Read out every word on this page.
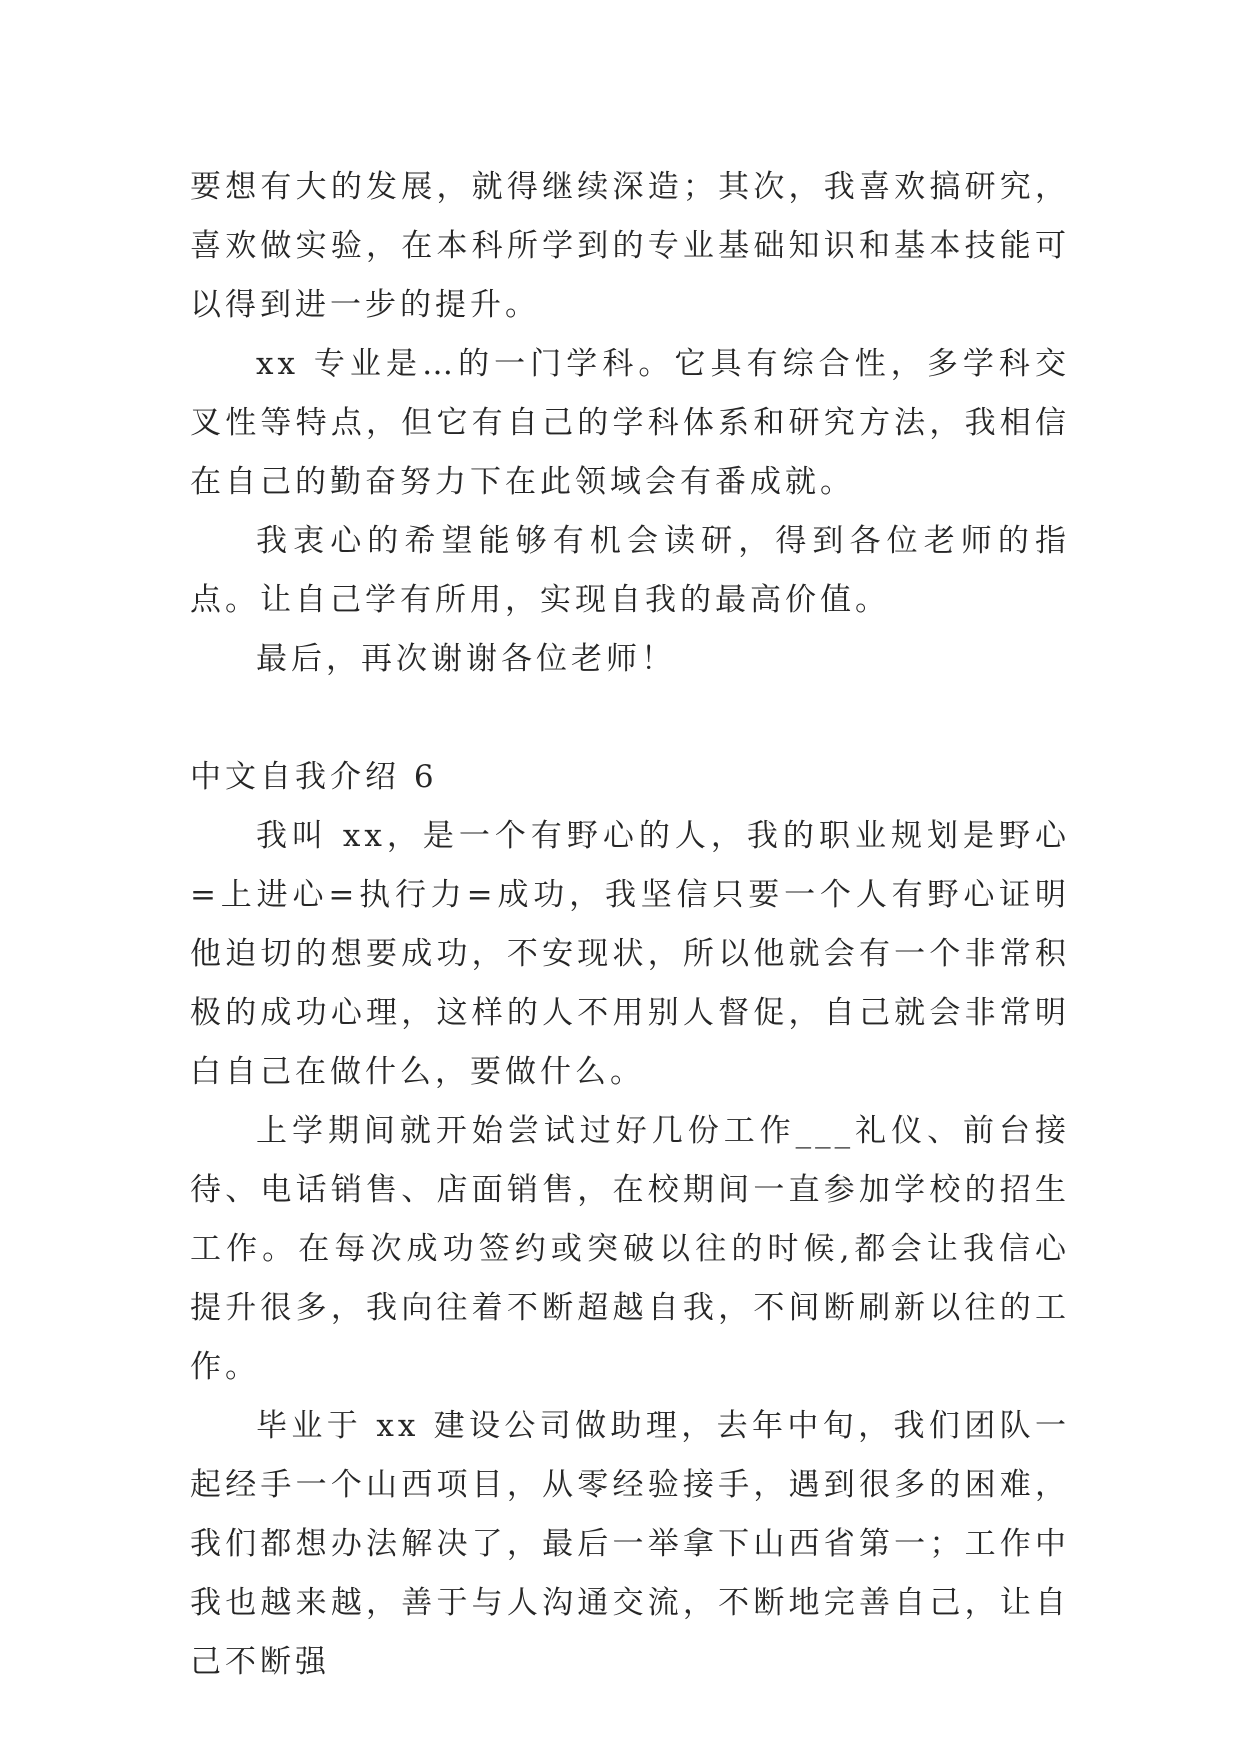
要想有大的发展，就得继续深造；其次，我喜欢搞研究，喜欢做实验，在本科所学到的专业基础知识和基本技能可以得到进一步的提升。

xx 专业是…的一门学科。它具有综合性，多学科交叉性等特点，但它有自己的学科体系和研究方法，我相信在自己的勤奋努力下在此领域会有番成就。

我衷心的希望能够有机会读研，得到各位老师的指点。让自己学有所用，实现自我的最高价值。

最后，再次谢谢各位老师！

中文自我介绍 6

我叫 xx，是一个有野心的人，我的职业规划是野心=上进心=执行力=成功，我坚信只要一个人有野心证明他迫切的想要成功，不安现状，所以他就会有一个非常积极的成功心理，这样的人不用别人督促，自己就会非常明白自己在做什么，要做什么。

上学期间就开始尝试过好几份工作___礼仪、前台接待、电话销售、店面销售，在校期间一直参加学校的招生工作。在每次成功签约或突破以往的时候,都会让我信心提升很多，我向往着不断超越自我，不间断刷新以往的工作。

毕业于 xx 建设公司做助理，去年中旬，我们团队一起经手一个山西项目，从零经验接手，遇到很多的困难，我们都想办法解决了，最后一举拿下山西省第一；工作中我也越来越，善于与人沟通交流，不断地完善自己，让自己不断强
